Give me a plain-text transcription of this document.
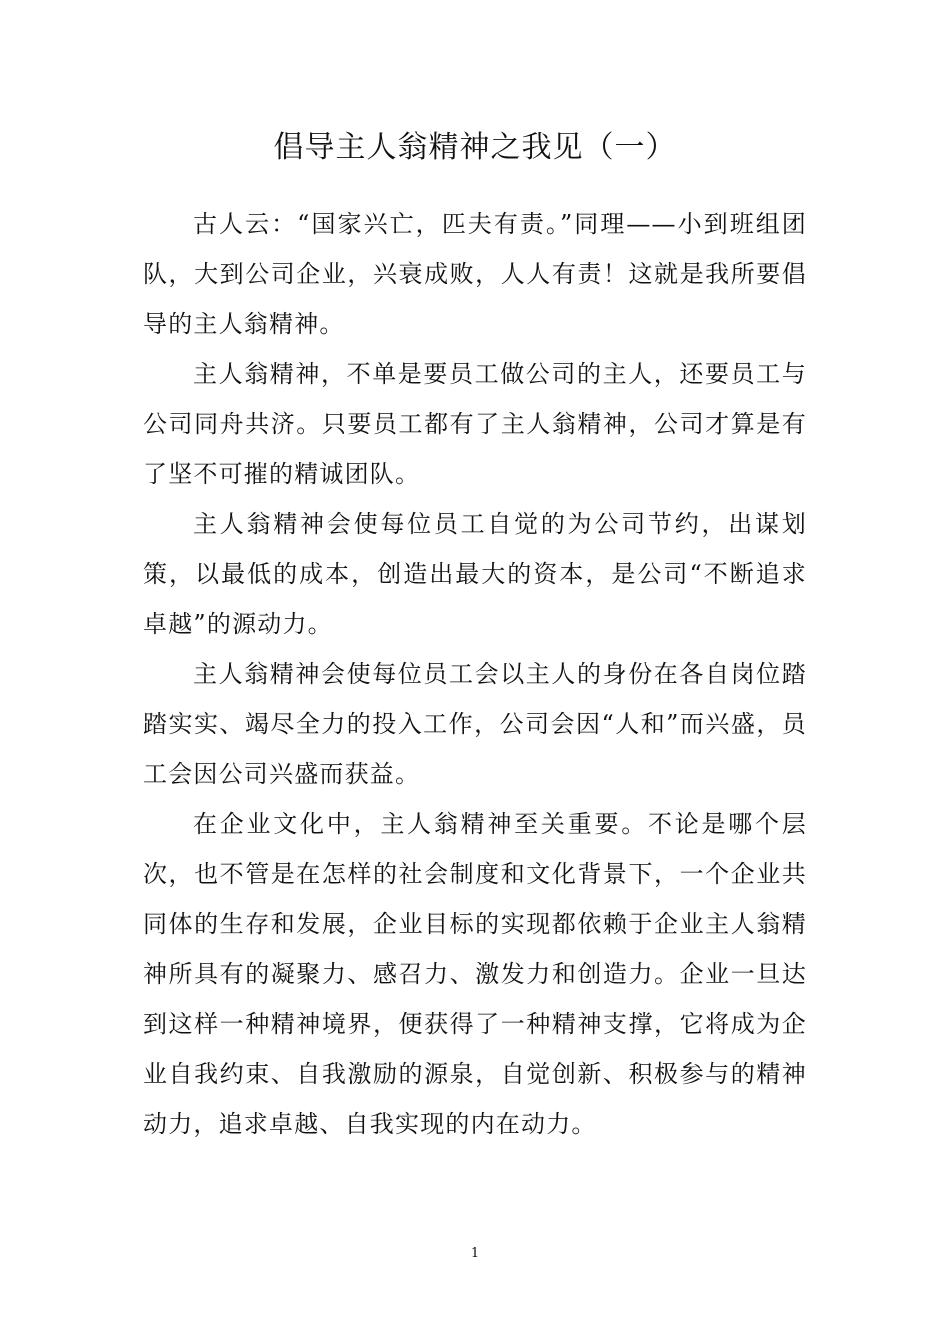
倡导主人翁精神之我见（一）

古人云：“国家兴亡，匹夫有责。”同理——小到班组团队，大到公司企业，兴衰成败，人人有责！这就是我所要倡导的主人翁精神。

主人翁精神，不单是要员工做公司的主人，还要员工与公司同舟共济。只要员工都有了主人翁精神，公司才算是有了坚不可摧的精诚团队。

主人翁精神会使每位员工自觉的为公司节约，出谋划策，以最低的成本，创造出最大的资本，是公司“不断追求卓越”的源动力。

主人翁精神会使每位员工会以主人的身份在各自岗位踏踏实实、竭尽全力的投入工作，公司会因“人和”而兴盛，员工会因公司兴盛而获益。

在企业文化中，主人翁精神至关重要。不论是哪个层次，也不管是在怎样的社会制度和文化背景下，一个企业共同体的生存和发展，企业目标的实现都依赖于企业主人翁精神所具有的凝聚力、感召力、激发力和创造力。企业一旦达到这样一种精神境界，便获得了一种精神支撑，它将成为企业自我约束、自我激励的源泉，自觉创新、积极参与的精神动力，追求卓越、自我实现的内在动力。

1
